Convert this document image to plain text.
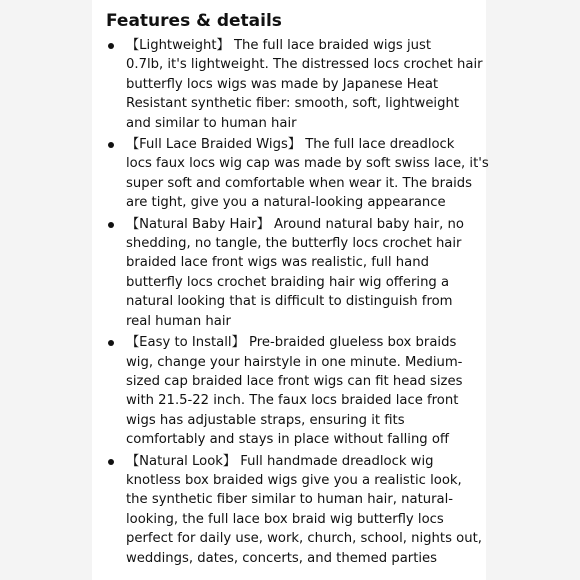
Features & details
【Lightweight】 The full lace braided wigs just
0.7lb, it's lightweight. The distressed locs crochet hair
butterfly locs wigs was made by Japanese Heat
Resistant synthetic fiber: smooth, soft, lightweight
and similar to human hair
【Full Lace Braided Wigs】 The full lace dreadlock
locs faux locs wig cap was made by soft swiss lace, it's
super soft and comfortable when wear it. The braids
are tight, give you a natural-looking appearance
【Natural Baby Hair】 Around natural baby hair, no
shedding, no tangle, the butterfly locs crochet hair
braided lace front wigs was realistic, full hand
butterfly locs crochet braiding hair wig offering a
natural looking that is difficult to distinguish from
real human hair
【Easy to Install】 Pre-braided glueless box braids
wig, change your hairstyle in one minute. Medium-
sized cap braided lace front wigs can fit head sizes
with 21.5-22 inch. The faux locs braided lace front
wigs has adjustable straps, ensuring it fits
comfortably and stays in place without falling off
【Natural Look】 Full handmade dreadlock wig
knotless box braided wigs give you a realistic look,
the synthetic fiber similar to human hair, natural-
looking, the full lace box braid wig butterfly locs
perfect for daily use, work, church, school, nights out,
weddings, dates, concerts, and themed parties
